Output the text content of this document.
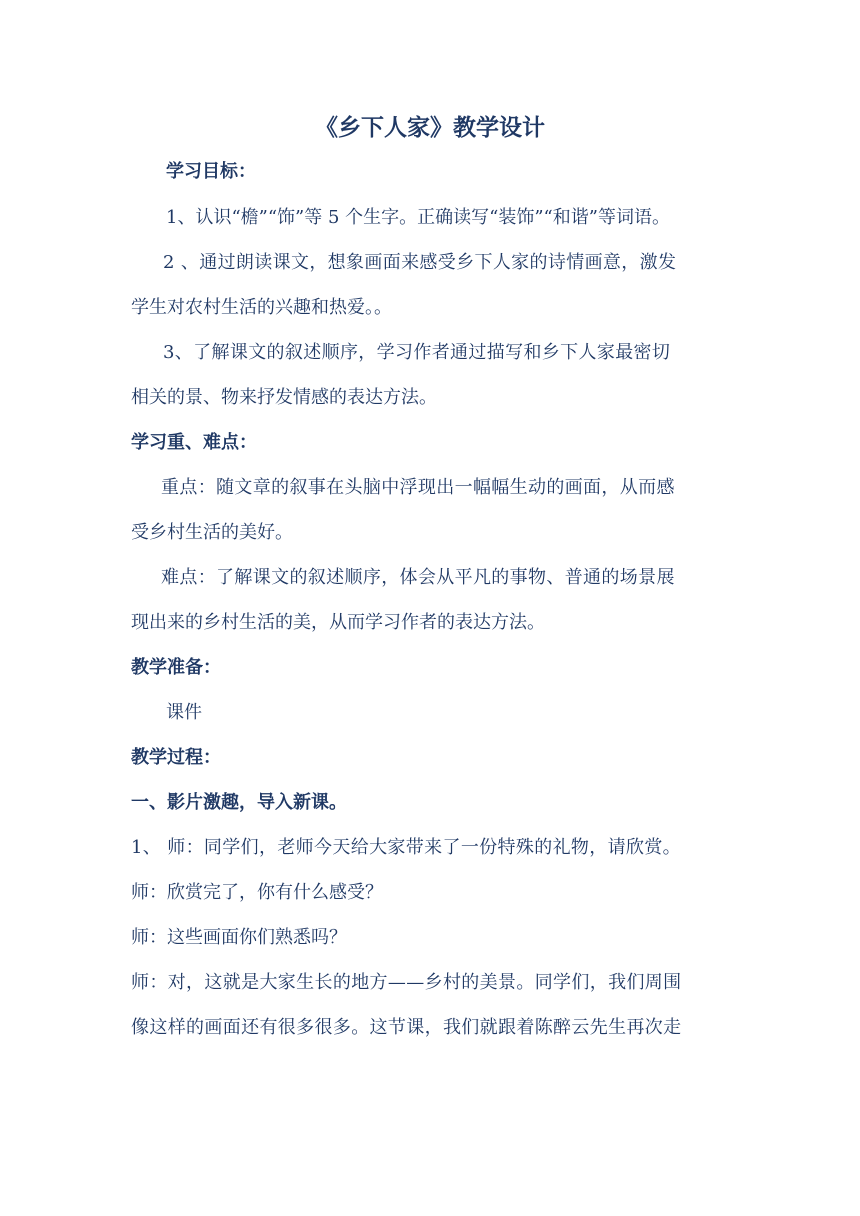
《乡下人家》教学设计
学习目标：
1、认识“檐”“饰”等 5 个生字。正确读写“装饰”“和谐”等词语。
2 、通过朗读课文，想象画面来感受乡下人家的诗情画意，激发
学生对农村生活的兴趣和热爱。。
3、了解课文的叙述顺序，学习作者通过描写和乡下人家最密切
相关的景、物来抒发情感的表达方法。
学习重、难点：
重点：随文章的叙事在头脑中浮现出一幅幅生动的画面，从而感
受乡村生活的美好。
难点：了解课文的叙述顺序，体会从平凡的事物、普通的场景展
现出来的乡村生活的美，从而学习作者的表达方法。
教学准备：
课件
教学过程：
一、影片激趣，导入新课。
1、 师：同学们，老师今天给大家带来了一份特殊的礼物，请欣赏。
师：欣赏完了，你有什么感受？
师：这些画面你们熟悉吗？
师：对，这就是大家生长的地方——乡村的美景。同学们，我们周围
像这样的画面还有很多很多。这节课，我们就跟着陈醉云先生再次走
